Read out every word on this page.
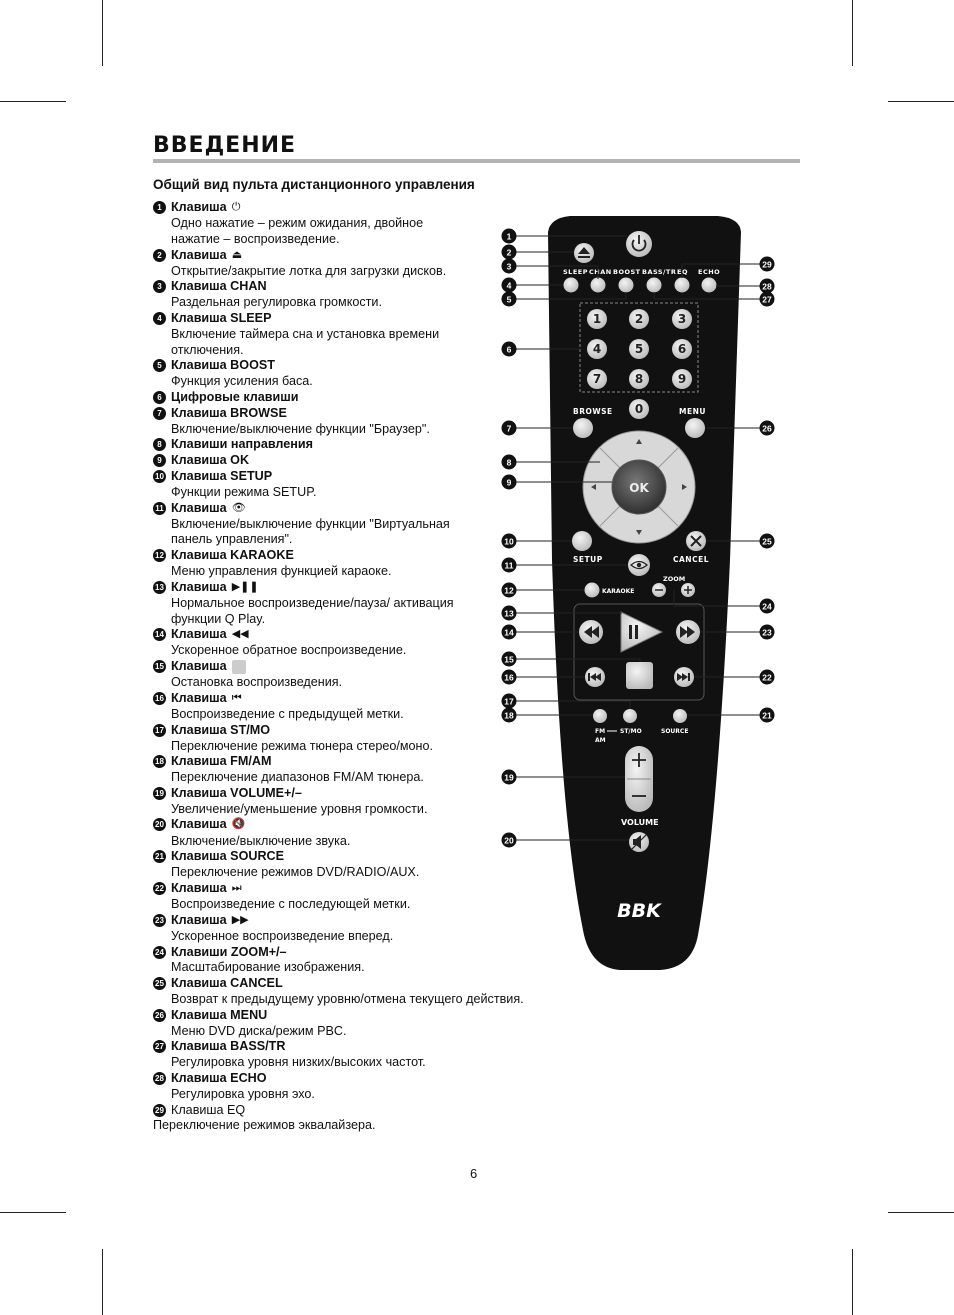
ВВЕДЕНИЕ
Общий вид пульта дистанционного управления
1 Клавиша ⏻
Одно нажатие – режим ожидания, двойное нажатие – воспроизведение.
2 Клавиша ⏏
Открытие/закрытие лотка для загрузки дисков.
3 Клавиша CHAN
Раздельная регулировка громкости.
4 Клавиша SLEEP
Включение таймера сна и установка времени отключения.
5 Клавиша BOOST
Функция усиления баса.
6 Цифровые клавиши
7 Клавиша BROWSE
Включение/выключение функции "Браузер".
8 Клавиши направления
9 Клавиша OK
10 Клавиша SETUP
Функции режима SETUP.
11 Клавиша 👁
Включение/выключение функции "Виртуальная панель управления".
12 Клавиша KARAOKE
Меню управления функцией караоке.
13 Клавиша ▶❚❚
Нормальное воспроизведение/пауза/ активация функции Q Play.
14 Клавиша ◀◀
Ускоренное обратное воспроизведение.
15 Клавиша
Остановка воспроизведения.
16 Клавиша ⏮
Воспроизведение с предыдущей метки.
17 Клавиша ST/MO
Переключение режима тюнера стерео/моно.
18 Клавиша FM/AM
Переключение диапазонов FM/AM тюнера.
19 Клавиша VOLUME+/–
Увеличение/уменьшение уровня громкости.
20 Клавиша 🔇
Включение/выключение звука.
21 Клавиша SOURCE
Переключение режимов DVD/RADIO/AUX.
22 Клавиша ⏭
Воспроизведение с последующей метки.
23 Клавиша ▶▶
Ускоренное воспроизведение вперед.
24 Клавиши ZOOM+/–
Масштабирование изображения.
25 Клавиша CANCEL
Возврат к предыдущему уровню/отмена текущего действия.
26 Клавиша MENU
Меню DVD диска/режим PBC.
27 Клавиша BASS/TR
Регулировка уровня низких/высоких частот.
28 Клавиша ECHO
Регулировка уровня эхо.
29 Клавиша EQ
Переключение режимов эквалайзера.
SLEEP CHAN BOOST BASS/TR EQ ECHO
1	2	3
4	5	6
7	8	9
0
BROWSE	MENU
OK
SETUP	CANCEL
KARAOKE
ZOOM
FM
AM
ST/MO	SOURCE
VOLUME
BBK
1
2
3
4
5
6
7
8
9
10
11
12
13
14
15
16
17
18
19
20
29
28
27
26
25
24
23
22
21
6
